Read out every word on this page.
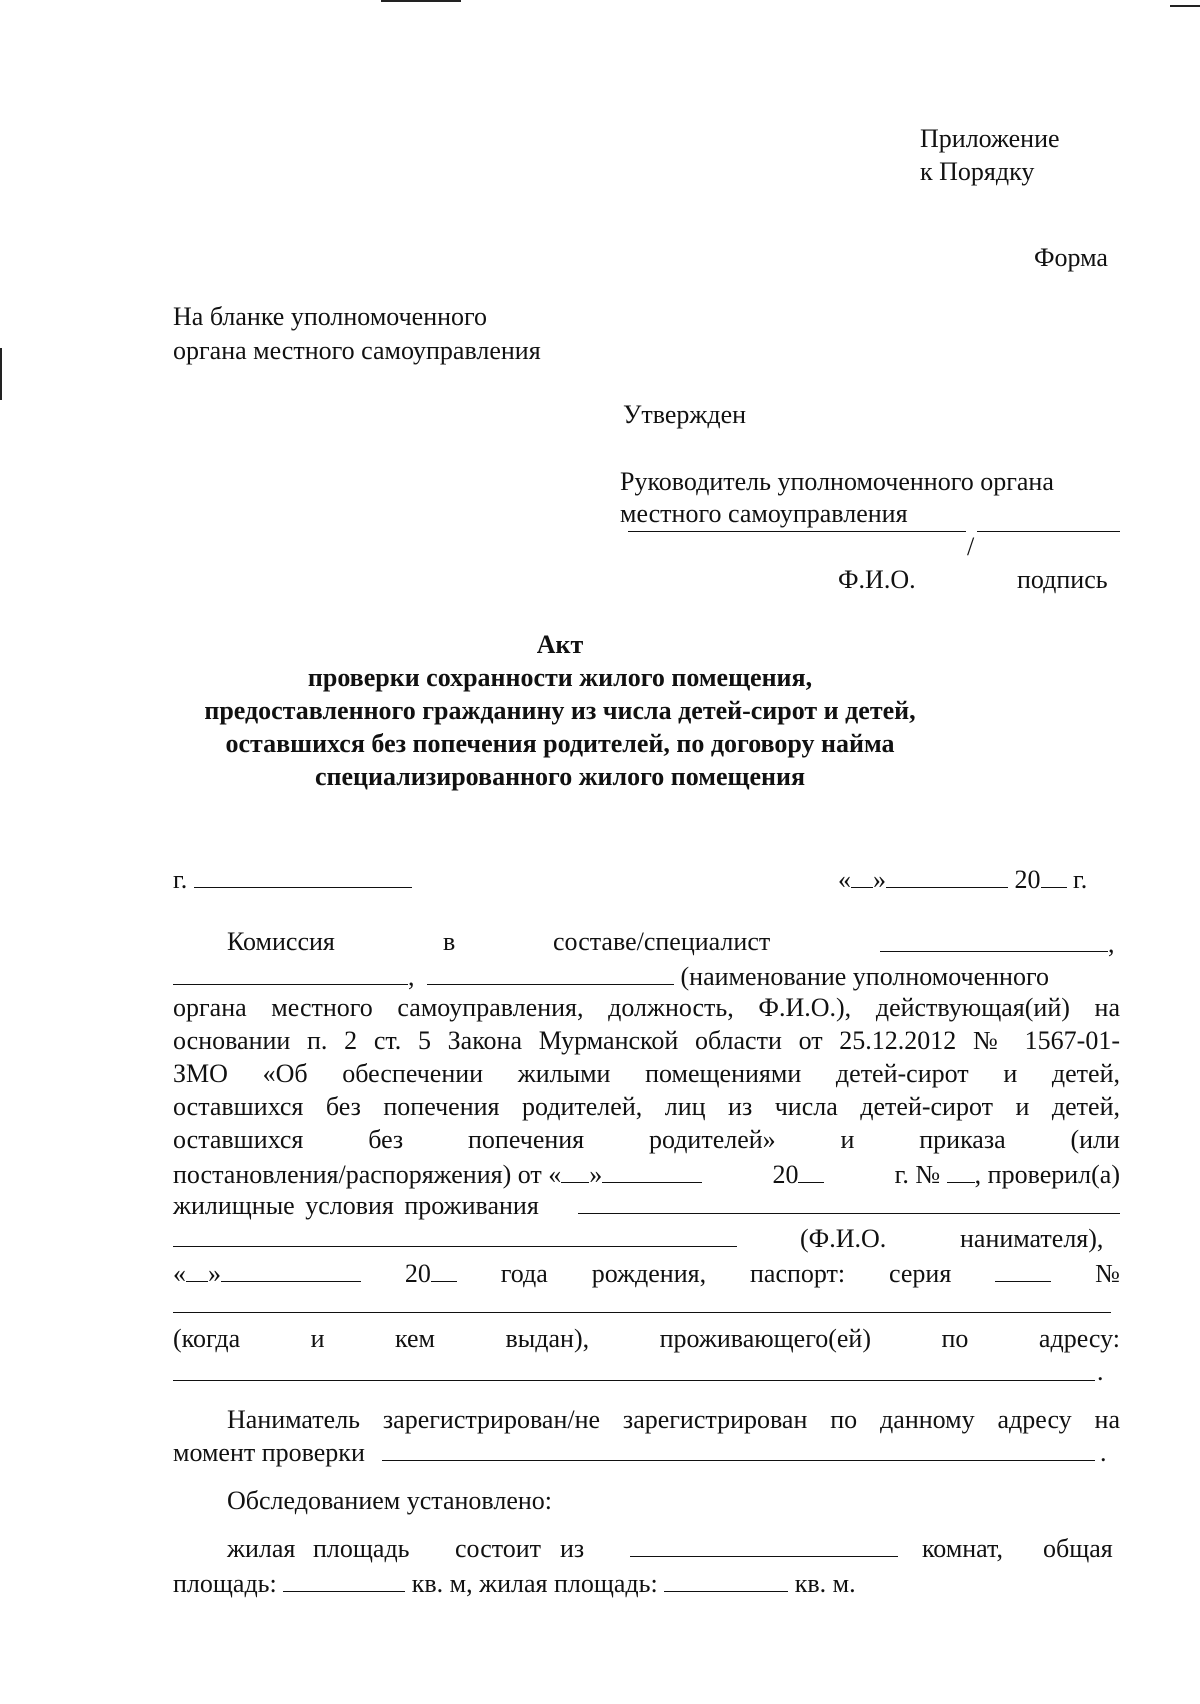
Приложение
к Порядку
Форма
На бланке уполномоченного
органа местного самоуправления
Утвержден
Руководитель уполномоченного органа
местного самоуправления
/
Ф.И.О.	подпись
Акт
проверки сохранности жилого помещения,
предоставленного гражданину из числа детей-сирот и детей,
оставшихся без попечения родителей, по договору найма
специализированного жилого помещения
г.	« »	20 г.
Комиссия	в	составе/специалист	,
,	(наименование уполномоченного
органа местного самоуправления, должность, Ф.И.О.), действующая(ий) на
основании п. 2 ст. 5 Закона Мурманской области от 25.12.2012 № 1567-01-
ЗМО «Об обеспечении жилыми помещениями детей-сирот и детей,
оставшихся без попечения родителей, лиц из числа детей-сирот и детей,
оставшихся без попечения родителей» и приказа (или
постановления/распоряжения) от « »	20	г. № , проверил(а)
жилищные условия проживания
(Ф.И.О.	нанимателя),
« »	20	года рождения, паспорт: серия	№
(когда	и	кем	выдан),	проживающего(ей)	по	адресу:
.
Наниматель зарегистрирован/не зарегистрирован по данному адресу на
момент проверки	.
Обследованием установлено:
жилая площадь состоит из	комнат, общая
площадь:	кв. м, жилая площадь:	кв. м.
